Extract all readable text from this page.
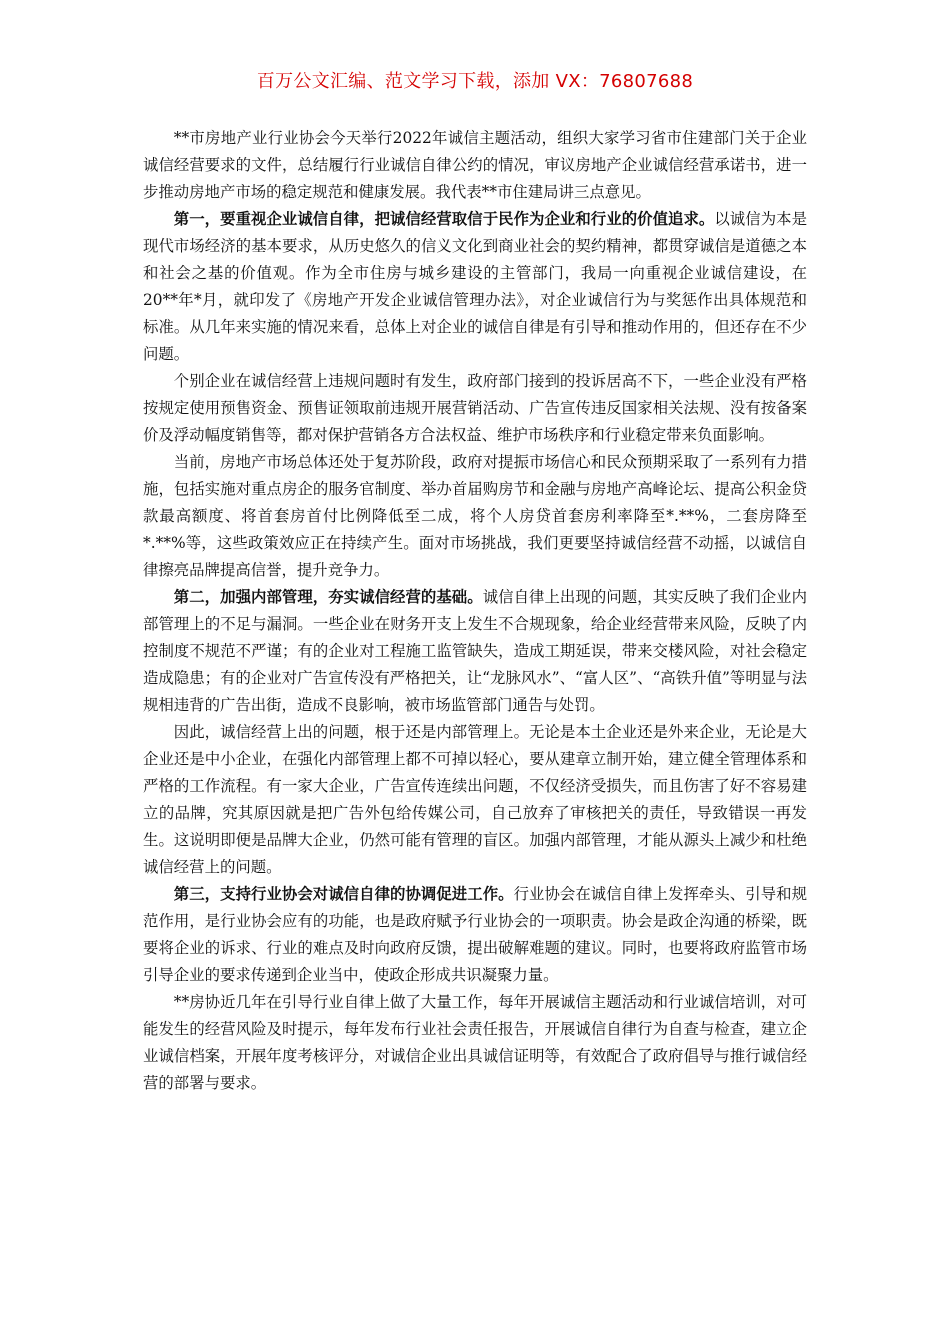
百万公文汇编、范文学习下载，添加 VX：76807688

**市房地产业行业协会今天举行2022年诚信主题活动，组织大家学习省市住建部门关于企业诚信经营要求的文件，总结履行行业诚信自律公约的情况，审议房地产企业诚信经营承诺书，进一步推动房地产市场的稳定规范和健康发展。我代表**市住建局讲三点意见。

第一，要重视企业诚信自律，把诚信经营取信于民作为企业和行业的价值追求。以诚信为本是现代市场经济的基本要求，从历史悠久的信义文化到商业社会的契约精神，都贯穿诚信是道德之本和社会之基的价值观。作为全市住房与城乡建设的主管部门，我局一向重视企业诚信建设，在20**年*月，就印发了《房地产开发企业诚信管理办法》，对企业诚信行为与奖惩作出具体规范和标准。从几年来实施的情况来看，总体上对企业的诚信自律是有引导和推动作用的，但还存在不少问题。

个别企业在诚信经营上违规问题时有发生，政府部门接到的投诉居高不下，一些企业没有严格按规定使用预售资金、预售证领取前违规开展营销活动、广告宣传违反国家相关法规、没有按备案价及浮动幅度销售等，都对保护营销各方合法权益、维护市场秩序和行业稳定带来负面影响。

当前，房地产市场总体还处于复苏阶段，政府对提振市场信心和民众预期采取了一系列有力措施，包括实施对重点房企的服务官制度、举办首届购房节和金融与房地产高峰论坛、提高公积金贷款最高额度、将首套房首付比例降低至二成，将个人房贷首套房利率降至*.**%，二套房降至*.**%等，这些政策效应正在持续产生。面对市场挑战，我们更要坚持诚信经营不动摇，以诚信自律擦亮品牌提高信誉，提升竞争力。

第二，加强内部管理，夯实诚信经营的基础。诚信自律上出现的问题，其实反映了我们企业内部管理上的不足与漏洞。一些企业在财务开支上发生不合规现象，给企业经营带来风险，反映了内控制度不规范不严谨；有的企业对工程施工监管缺失，造成工期延误，带来交楼风险，对社会稳定造成隐患；有的企业对广告宣传没有严格把关，让“龙脉风水”、“富人区”、“高铁升值”等明显与法规相违背的广告出街，造成不良影响，被市场监管部门通告与处罚。

因此，诚信经营上出的问题，根于还是内部管理上。无论是本土企业还是外来企业，无论是大企业还是中小企业，在强化内部管理上都不可掉以轻心，要从建章立制开始，建立健全管理体系和严格的工作流程。有一家大企业，广告宣传连续出问题，不仅经济受损失，而且伤害了好不容易建立的品牌，究其原因就是把广告外包给传媒公司，自己放弃了审核把关的责任，导致错误一再发生。这说明即便是品牌大企业，仍然可能有管理的盲区。加强内部管理，才能从源头上减少和杜绝诚信经营上的问题。

第三，支持行业协会对诚信自律的协调促进工作。行业协会在诚信自律上发挥牵头、引导和规范作用，是行业协会应有的功能，也是政府赋予行业协会的一项职责。协会是政企沟通的桥梁，既要将企业的诉求、行业的难点及时向政府反馈，提出破解难题的建议。同时，也要将政府监管市场引导企业的要求传递到企业当中，使政企形成共识凝聚力量。

**房协近几年在引导行业自律上做了大量工作，每年开展诚信主题活动和行业诚信培训，对可能发生的经营风险及时提示，每年发布行业社会责任报告，开展诚信自律行为自查与检查，建立企业诚信档案，开展年度考核评分，对诚信企业出具诚信证明等，有效配合了政府倡导与推行诚信经营的部署与要求。
